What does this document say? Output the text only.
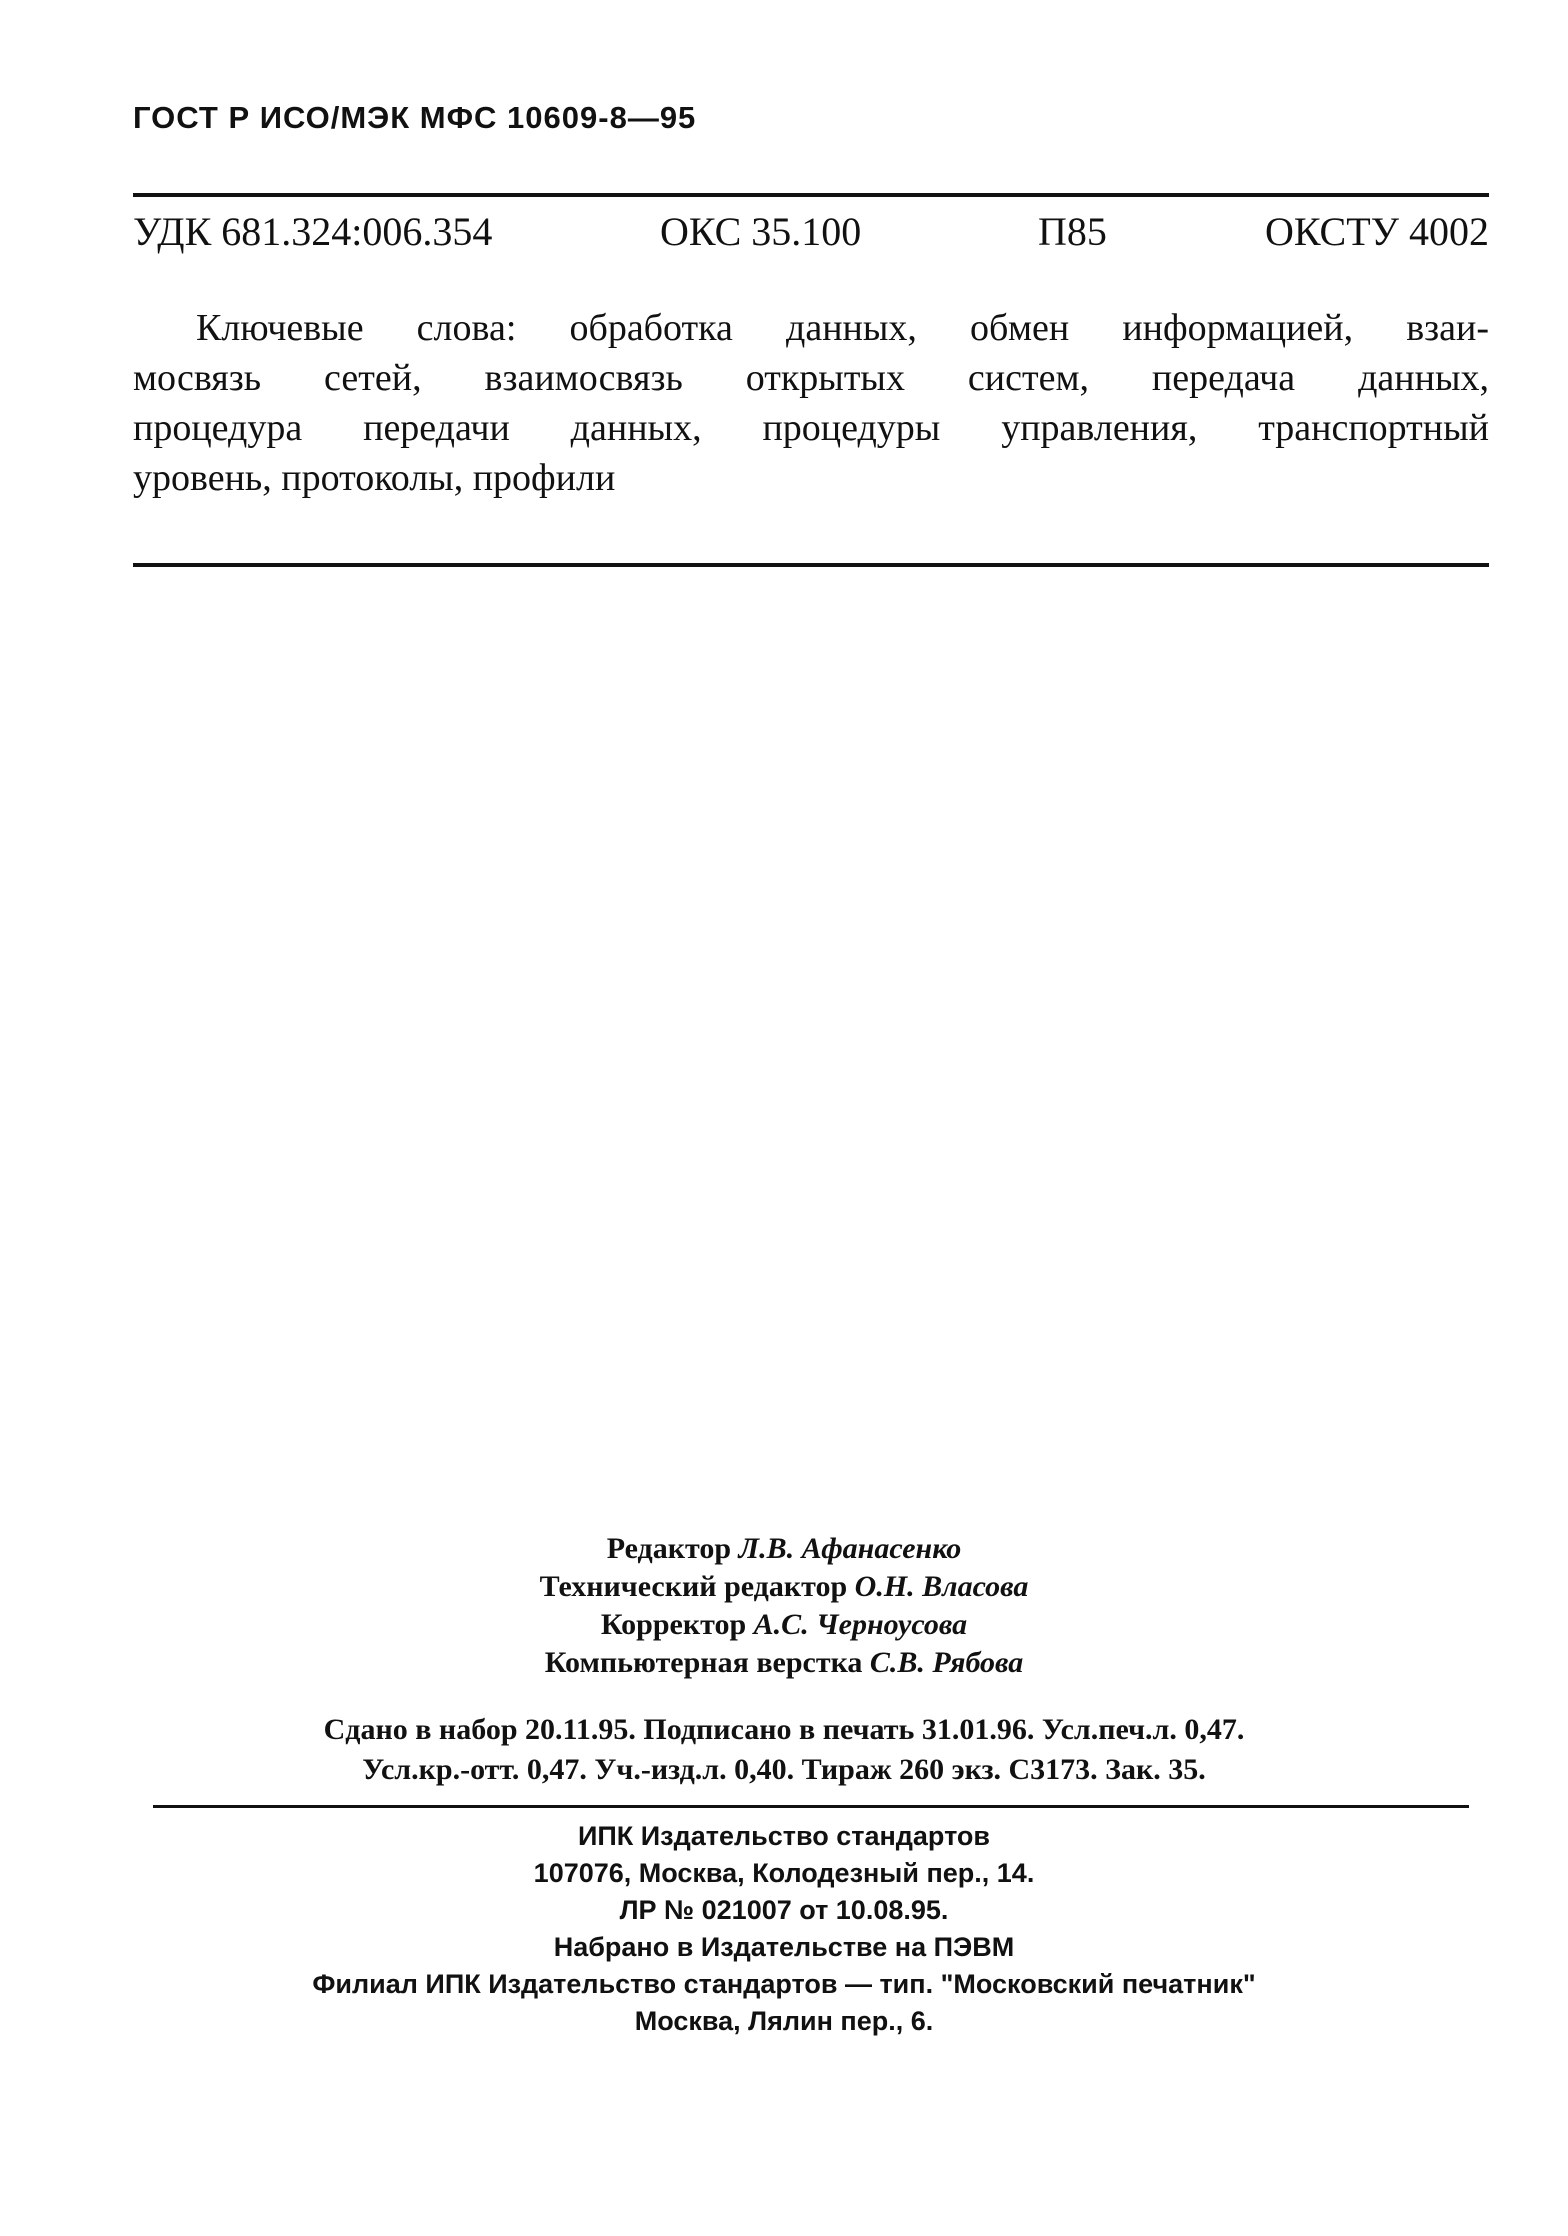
ГОСТ Р ИСО/МЭК МФС 10609-8—95
УДК 681.324:006.354	ОКС 35.100	П85	ОКСТУ 4002
Ключевые слова: обработка данных, обмен информацией, взаи-
мосвязь сетей, взаимосвязь открытых систем, передача данных,
процедура передачи данных, процедуры управления, транспортный
уровень, протоколы, профили
Редактор Л.В. Афанасенко
Технический редактор О.Н. Власова
Корректор А.С. Черноусова
Компьютерная верстка С.В. Рябова
Сдано в набор 20.11.95. Подписано в печать 31.01.96. Усл.печ.л. 0,47.
Усл.кр.-отт. 0,47. Уч.-изд.л. 0,40. Тираж 260 экз. С3173. Зак. 35.
ИПК Издательство стандартов
107076, Москва, Колодезный пер., 14.
ЛР № 021007 от 10.08.95.
Набрано в Издательстве на ПЭВМ
Филиал ИПК Издательство стандартов — тип. "Московский печатник"
Москва, Лялин пер., 6.
